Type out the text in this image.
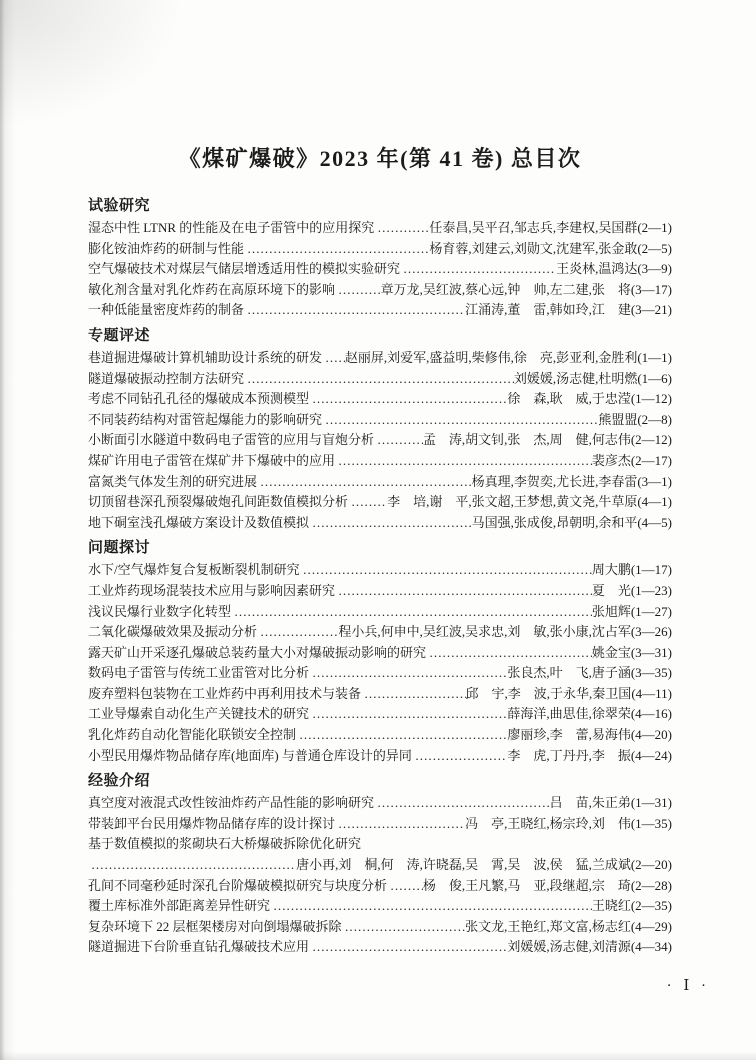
《煤矿爆破》2023 年(第 41 卷) 总目次
试验研究
湿态中性 LTNR 的性能及在电子雷管中的应用探究 ……………………………………………………………………………………………………………………………………………………	任泰昌,吴平召,邹志兵,李建权,吴国群 (2—1)
膨化铵油炸药的研制与性能 ……………………………………………………………………………………………………………………………………………………	杨育蓉,刘建云,刘勋文,沈建军,张金敢 (2—5)
空气爆破技术对煤层气储层增透适用性的模拟实验研究 ……………………………………………………………………………………………………………………………………………………	王炎林,温鸿达 (3—9)
敏化剂含量对乳化炸药在高原环境下的影响 ……………………………………………………………………………………………………………………………………………………	章万龙,吴红波,蔡心远,钟　帅,左二建,张　将 (3—17)
一种低能量密度炸药的制备 ……………………………………………………………………………………………………………………………………………………	江涌涛,董　雷,韩如玲,江　建 (3—21)
专题评述
巷道掘进爆破计算机辅助设计系统的研发 …………………………………………………………………………………………………………………………………………………… 赵丽屏,刘爱军,盛益明,柴修伟,徐　亮,彭亚利,金胜利 (1—1)
隧道爆破振动控制方法研究 ……………………………………………………………………………………………………………………………………………………	刘媛媛,汤志健,杜明燃 (1—6)
考虑不同钻孔孔径的爆破成本预测模型 ……………………………………………………………………………………………………………………………………………………	徐　森,耿　威,于忠滢 (1—12)
不同装药结构对雷管起爆能力的影响研究 ……………………………………………………………………………………………………………………………………………………	熊盟盟 (2—8)
小断面引水隧道中数码电子雷管的应用与盲炮分析 ……………………………………………………………………………………………………………………………………………………	孟　涛,胡文钊,张　杰,周　健,何志伟 (2—12)
煤矿许用电子雷管在煤矿井下爆破中的应用 ……………………………………………………………………………………………………………………………………………………	裴彦杰 (2—17)
富氮类气体发生剂的研究进展 ……………………………………………………………………………………………………………………………………………………	杨真理,李贺奕,尤长进,李春雷 (3—1)
切顶留巷深孔预裂爆破炮孔间距数值模拟分析 ……………………………………………………………………………………………………………………………………………………	李　培,谢　平,张文超,王梦想,黄文尧,牛草原 (4—1)
地下硐室浅孔爆破方案设计及数值模拟 ……………………………………………………………………………………………………………………………………………………	马国强,张成俊,昂朝明,余和平 (4—5)
问题探讨
水下/空气爆炸复合复板断裂机制研究 ……………………………………………………………………………………………………………………………………………………	周大鹏 (1—17)
工业炸药现场混装技术应用与影响因素研究 ……………………………………………………………………………………………………………………………………………………	夏　光 (1—23)
浅议民爆行业数字化转型 ……………………………………………………………………………………………………………………………………………………	张旭辉 (1—27)
二氧化碳爆破效果及振动分析 ……………………………………………………………………………………………………………………………………………………	程小兵,何申中,吴红波,吴求忠,刘　敏,张小康,沈占军 (3—26)
露天矿山开采逐孔爆破总装药量大小对爆破振动影响的研究 ……………………………………………………………………………………………………………………………………………………	姚金宝 (3—31)
数码电子雷管与传统工业雷管对比分析 ……………………………………………………………………………………………………………………………………………………	张良杰,叶　飞,唐子涵 (3—35)
废弃塑料包装物在工业炸药中再利用技术与装备 ……………………………………………………………………………………………………………………………………………………	邱　宇,李　波,于永华,秦卫国 (4—11)
工业导爆索自动化生产关键技术的研究 ……………………………………………………………………………………………………………………………………………………	薛海洋,曲思佳,徐翠荣 (4—16)
乳化炸药自动化智能化联锁安全控制 ……………………………………………………………………………………………………………………………………………………	廖丽珍,李　蕾,易海伟 (4—20)
小型民用爆炸物品储存库(地面库) 与普通仓库设计的异同 ……………………………………………………………………………………………………………………………………………………	李　虎,丁丹丹,李　振 (4—24)
经验介绍
真空度对液混式改性铵油炸药产品性能的影响研究 ……………………………………………………………………………………………………………………………………………………	吕　苗,朱正弟 (1—31)
带装卸平台民用爆炸物品储存库的设计探讨 ……………………………………………………………………………………………………………………………………………………	冯　亭,王晓红,杨宗玲,刘　伟 (1—35)
基于数值模拟的浆砌块石大桥爆破拆除优化研究
……………………………………………………………………………………………………………………………………………………
唐小再,刘　桐,何　涛,许晓磊,吴　霄,吴　波,侯　猛,兰成斌 (2—20)
孔间不同毫秒延时深孔台阶爆破模拟研究与块度分析 ……………………………………………………………………………………………………………………………………………………	杨　俊,王凡繁,马　亚,段继超,宗　琦 (2—28)
覆土库标准外部距离差异性研究 ……………………………………………………………………………………………………………………………………………………	王晓红 (2—35)
复杂环境下 22 层框架楼房对向倒塌爆破拆除 ……………………………………………………………………………………………………………………………………………………	张文龙,王艳红,郑文富,杨志红 (4—29)
隧道掘进下台阶垂直钻孔爆破技术应用 ……………………………………………………………………………………………………………………………………………………	刘媛媛,汤志健,刘清源 (4—34)
· Ⅰ ·
